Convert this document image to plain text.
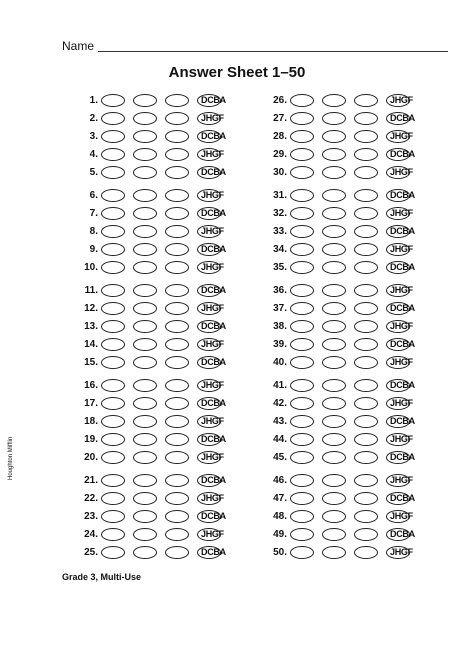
Name
Answer Sheet 1–50
1.	DCBA
2.	JHGF
3.	DCBA
4.	JHGF
5.	DCBA
6.	JHGF
7.	DCBA
8.	JHGF
9.	DCBA
10.	JHGF
11.	DCBA
12.	JHGF
13.	DCBA
14.	JHGF
15.	DCBA
16.	JHGF
17.	DCBA
18.	JHGF
19.	DCBA
20.	JHGF
21.	DCBA
22.	JHGF
23.	DCBA
24.	JHGF
25.	DCBA
26.	JHGF
27.	DCBA
28.	JHGF
29.	DCBA
30.	JHGF
31.	DCBA
32.	JHGF
33.	DCBA
34.	JHGF
35.	DCBA
36.	JHGF
37.	DCBA
38.	JHGF
39.	DCBA
40.	JHGF
41.	DCBA
42.	JHGF
43.	DCBA
44.	JHGF
45.	DCBA
46.	JHGF
47.	DCBA
48.	JHGF
49.	DCBA
50.	JHGF
Houghton Mifflin
Grade 3, Multi-Use
